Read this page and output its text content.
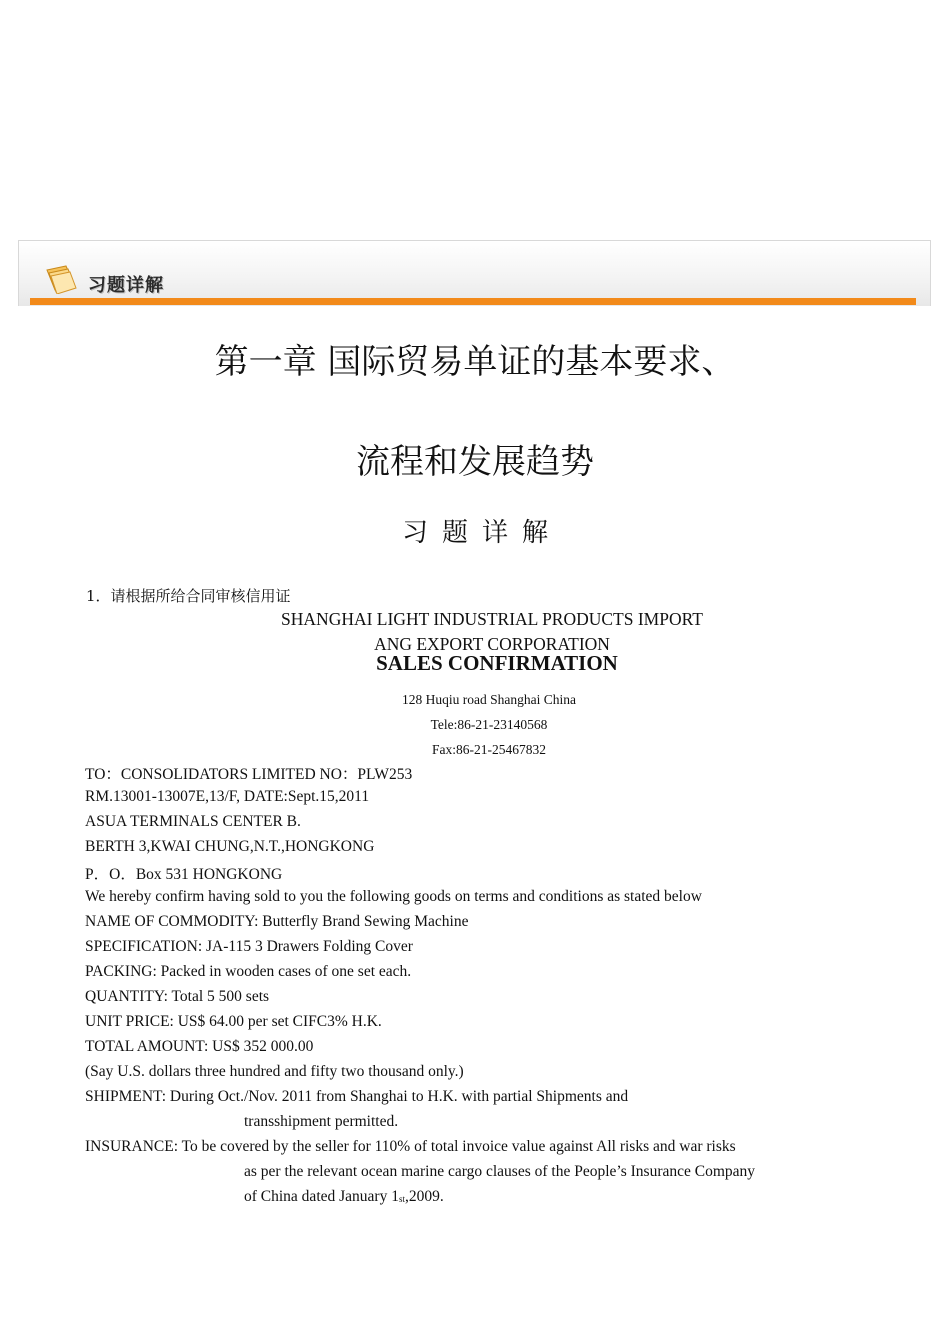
习题详解
第一章 国际贸易单证的基本要求、
流程和发展趋势
习题详解
1．请根据所给合同审核信用证
SHANGHAI LIGHT INDUSTRIAL PRODUCTS IMPORT
ANG EXPORT CORPORATION
SALES CONFIRMATION
128 Huqiu road Shanghai China
Tele:86-21-23140568
Fax:86-21-25467832
TO：CONSOLIDATORS LIMITED NO：PLW253
RM.13001-13007E,13/F, DATE:Sept.15,2011
ASUA TERMINALS CENTER B.
BERTH 3,KWAI CHUNG,N.T.,HONGKONG
P．O．Box 531 HONGKONG
We hereby confirm having sold to you the following goods on terms and conditions as stated below
NAME OF COMMODITY: Butterfly Brand Sewing Machine
SPECIFICATION: JA-115 3 Drawers Folding Cover
PACKING: Packed in wooden cases of one set each.
QUANTITY: Total 5 500 sets
UNIT PRICE: US$ 64.00 per set CIFC3% H.K.
TOTAL AMOUNT: US$ 352 000.00
(Say U.S. dollars three hundred and fifty two thousand only.)
SHIPMENT: During Oct./Nov. 2011 from Shanghai to H.K. with partial Shipments and
transshipment permitted.
INSURANCE: To be covered by the seller for 110% of total invoice value against All risks and war risks
as per the relevant ocean marine cargo clauses of the People’s Insurance Company
of China dated January 1st,2009.
